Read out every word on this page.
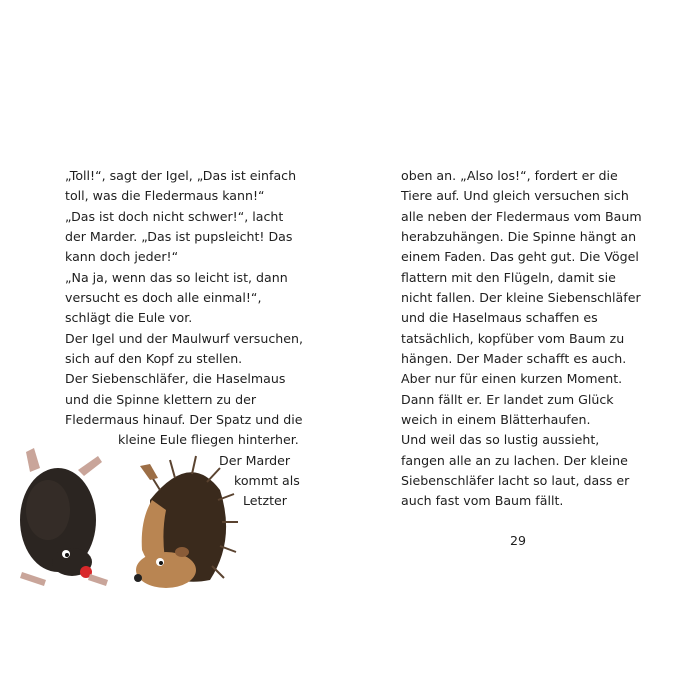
„Toll!“, sagt der Igel, „Das ist einfach
toll, was die Fledermaus kann!“
„Das ist doch nicht schwer!“, lacht
der Marder. „Das ist pupsleicht! Das
kann doch jeder!“
„Na ja, wenn das so leicht ist, dann
versucht es doch alle einmal!“,
schlägt die Eule vor.
Der Igel und der Maulwurf versuchen,
sich auf den Kopf zu stellen.
Der Siebenschläfer, die Haselmaus
und die Spinne klettern zu der
Fledermaus hinauf. Der Spatz und die
kleine Eule fliegen hinterher.
Der Marder
kommt als
Letzter
oben an. „Also los!“, fordert er die
Tiere auf. Und gleich versuchen sich
alle neben der Fledermaus vom Baum
herabzuhängen. Die Spinne hängt an
einem Faden. Das geht gut. Die Vögel
flattern mit den Flügeln, damit sie
nicht fallen. Der kleine Siebenschläfer
und die Haselmaus schaffen es
tatsächlich, kopfüber vom Baum zu
hängen. Der Mader schafft es auch.
Aber nur für einen kurzen Moment.
Dann fällt er. Er landet zum Glück
weich in einem Blätterhaufen.
Und weil das so lustig aussieht,
fangen alle an zu lachen. Der kleine
Siebenschläfer lacht so laut, dass er
auch fast vom Baum fällt.
29
